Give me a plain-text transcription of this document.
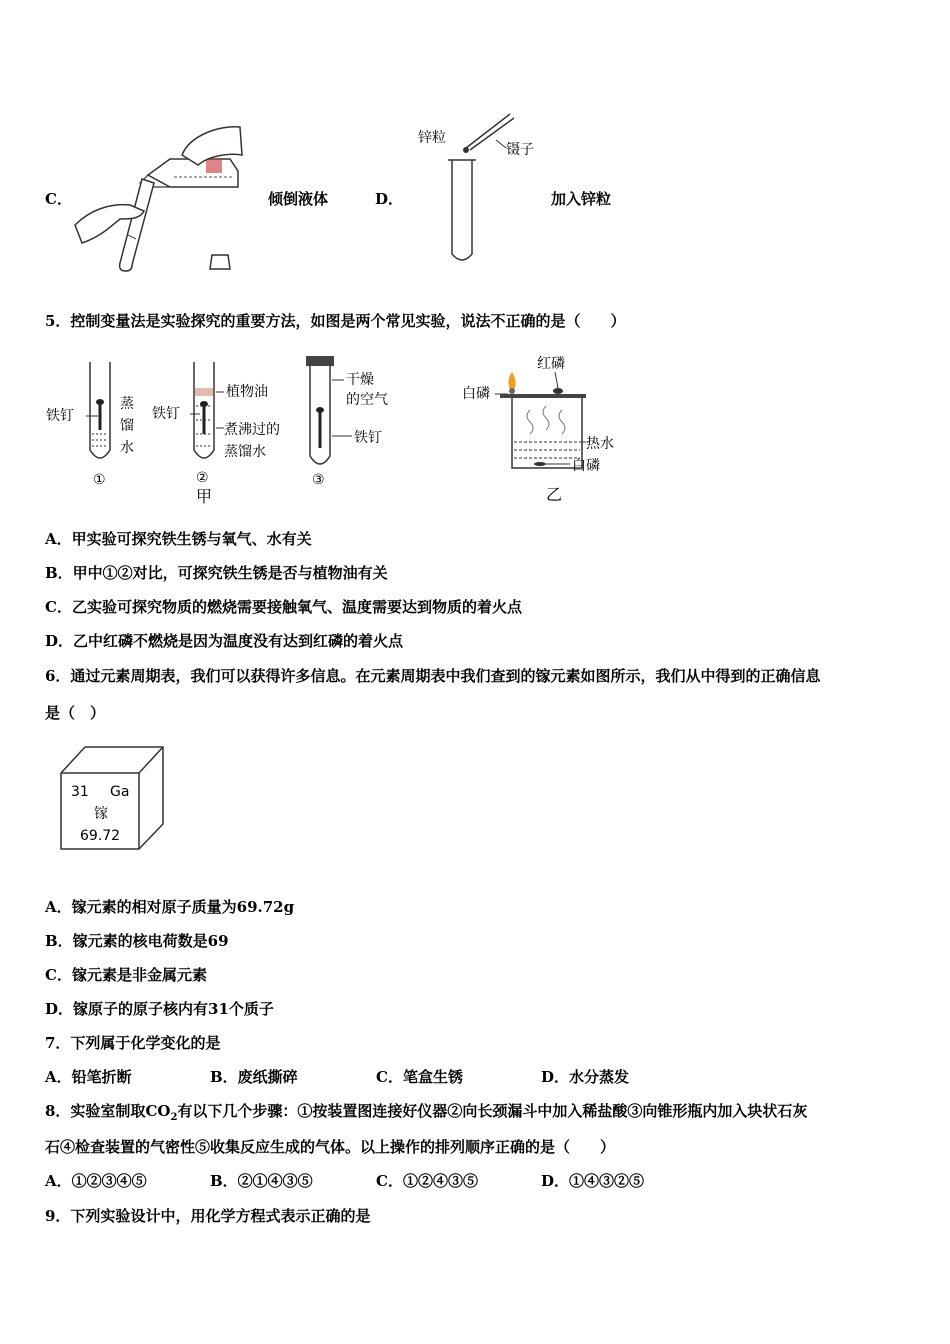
C．	倾倒液体	D．
锌粒
镊子
加入锌粒
5．控制变量法是实验探究的重要方法，如图是两个常见实验，说法不正确的是（　　）
铁钉
蒸
馏
水
①
铁钉
植物油
煮沸过的
蒸馏水
②
甲
干燥
的空气
铁钉
③
红磷
白磷
热水
白磷
乙
A．甲实验可探究铁生锈与氧气、水有关
B．甲中①②对比，可探究铁生锈是否与植物油有关
C．乙实验可探究物质的燃烧需要接触氧气、温度需要达到物质的着火点
D．乙中红磷不燃烧是因为温度没有达到红磷的着火点
6．通过元素周期表，我们可以获得许多信息。在元素周期表中我们查到的镓元素如图所示，我们从中得到的正确信息
是（　）
31 Ga
镓
69.72
A．镓元素的相对原子质量为69.72g
B．镓元素的核电荷数是69
C．镓元素是非金属元素
D．镓原子的原子核内有31个质子
7．下列属于化学变化的是
A．铅笔折断	B．废纸撕碎	C．笔盒生锈	D．水分蒸发
8．实验室制取$CO_2$有以下几个步骤：①按装置图连接好仪器②向长颈漏斗中加入稀盐酸③向锥形瓶内加入块状石灰
石④检查装置的气密性⑤收集反应生成的气体。以上操作的排列顺序正确的是（　　）
A．①②③④⑤	B．②①④③⑤	C．①②④③⑤	D．①④③②⑤
9．下列实验设计中，用化学方程式表示正确的是
